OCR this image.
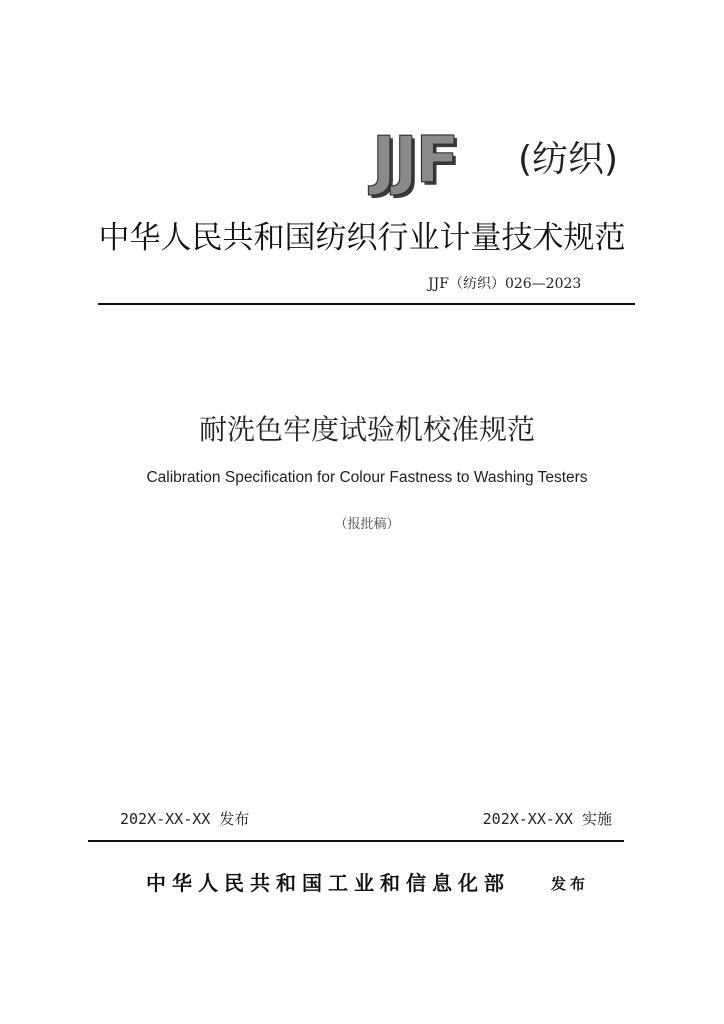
JJF (纺织)
中华人民共和国纺织行业计量技术规范
JJF（纺织）026—2023
耐洗色牢度试验机校准规范
Calibration Specification for Colour Fastness to Washing Testers
（报批稿）
202X-XX-XX 发布	202X-XX-XX 实施
中华人民共和国工业和信息化部	发布
